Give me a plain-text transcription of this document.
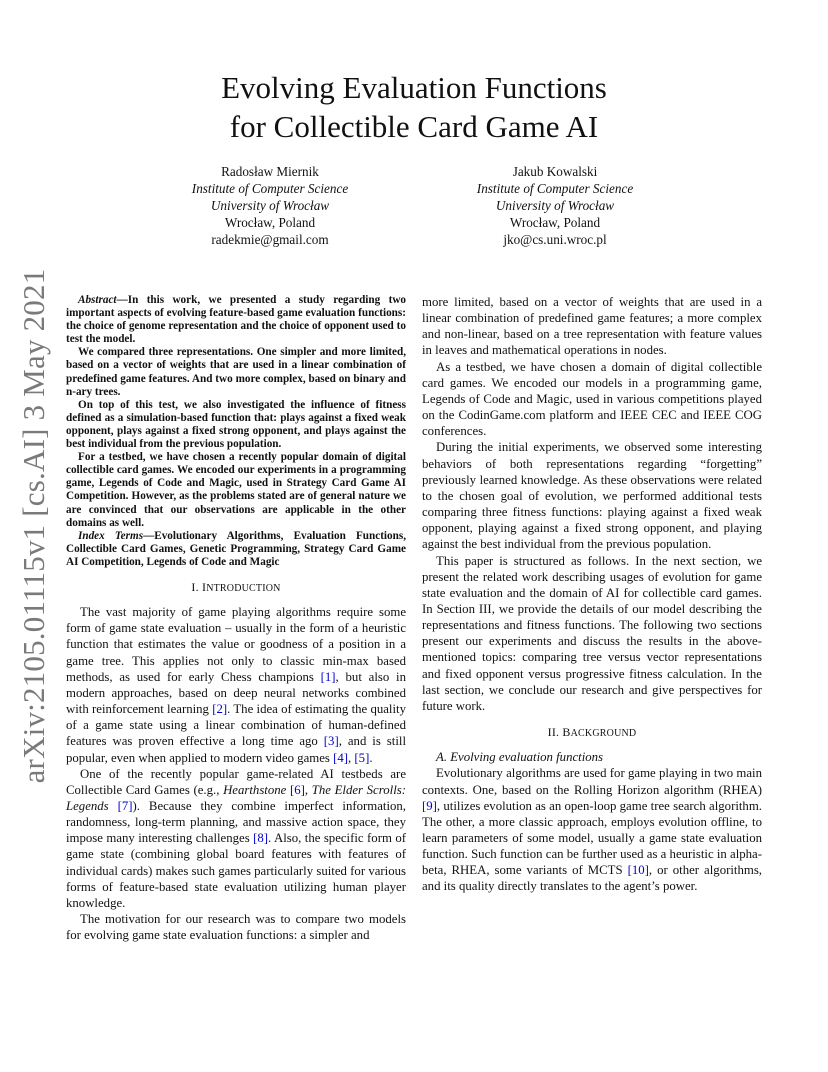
arXiv:2105.01115v1 [cs.AI] 3 May 2021
Evolving Evaluation Functions
for Collectible Card Game AI
Radosław Miernik
Institute of Computer Science
University of Wrocław
Wrocław, Poland
radekmie@gmail.com
Jakub Kowalski
Institute of Computer Science
University of Wrocław
Wrocław, Poland
jko@cs.uni.wroc.pl

Abstract—In this work, we presented a study regarding two important aspects of evolving feature-based game evaluation functions: the choice of genome representation and the choice of opponent used to test the model.

We compared three representations. One simpler and more limited, based on a vector of weights that are used in a linear combination of predefined game features. And two more complex, based on binary and n-ary trees.

On top of this test, we also investigated the influence of fitness defined as a simulation-based function that: plays against a fixed weak opponent, plays against a fixed strong opponent, and plays against the best individual from the previous population.

For a testbed, we have chosen a recently popular domain of digital collectible card games. We encoded our experiments in a programming game, Legends of Code and Magic, used in Strategy Card Game AI Competition. However, as the problems stated are of general nature we are convinced that our observations are applicable in the other domains as well.

Index Terms—Evolutionary Algorithms, Evaluation Functions, Collectible Card Games, Genetic Programming, Strategy Card Game AI Competition, Legends of Code and Magic

I. INTRODUCTION

The vast majority of game playing algorithms require some form of game state evaluation – usually in the form of a heuristic function that estimates the value or goodness of a position in a game tree. This applies not only to classic min-max based methods, as used for early Chess champions [1], but also in modern approaches, based on deep neural networks combined with reinforcement learning [2]. The idea of estimating the quality of a game state using a linear combination of human-defined features was proven effective a long time ago [3], and is still popular, even when applied to modern video games [4], [5].

One of the recently popular game-related AI testbeds are Collectible Card Games (e.g., Hearthstone [6], The Elder Scrolls: Legends [7]). Because they combine imperfect information, randomness, long-term planning, and massive action space, they impose many interesting challenges [8]. Also, the specific form of game state (combining global board features with features of individual cards) makes such games particularly suited for various forms of feature-based state evaluation utilizing human player knowledge.

The motivation for our research was to compare two models for evolving game state evaluation functions: a simpler and

more limited, based on a vector of weights that are used in a linear combination of predefined game features; a more complex and non-linear, based on a tree representation with feature values in leaves and mathematical operations in nodes.

As a testbed, we have chosen a domain of digital collectible card games. We encoded our models in a programming game, Legends of Code and Magic, used in various competitions played on the CodinGame.com platform and IEEE CEC and IEEE COG conferences.

During the initial experiments, we observed some interesting behaviors of both representations regarding “forgetting” previously learned knowledge. As these observations were related to the chosen goal of evolution, we performed additional tests comparing three fitness functions: playing against a fixed weak opponent, playing against a fixed strong opponent, and playing against the best individual from the previous population.

This paper is structured as follows. In the next section, we present the related work describing usages of evolution for game state evaluation and the domain of AI for collectible card games. In Section III, we provide the details of our model describing the representations and fitness functions. The following two sections present our experiments and discuss the results in the above-mentioned topics: comparing tree versus vector representations and fixed opponent versus progressive fitness calculation. In the last section, we conclude our research and give perspectives for future work.

II. BACKGROUND

A. Evolving evaluation functions

Evolutionary algorithms are used for game playing in two main contexts. One, based on the Rolling Horizon algorithm (RHEA) [9], utilizes evolution as an open-loop game tree search algorithm. The other, a more classic approach, employs evolution offline, to learn parameters of some model, usually a game state evaluation function. Such function can be further used as a heuristic in alpha-beta, RHEA, some variants of MCTS [10], or other algorithms, and its quality directly translates to the agent’s power.
